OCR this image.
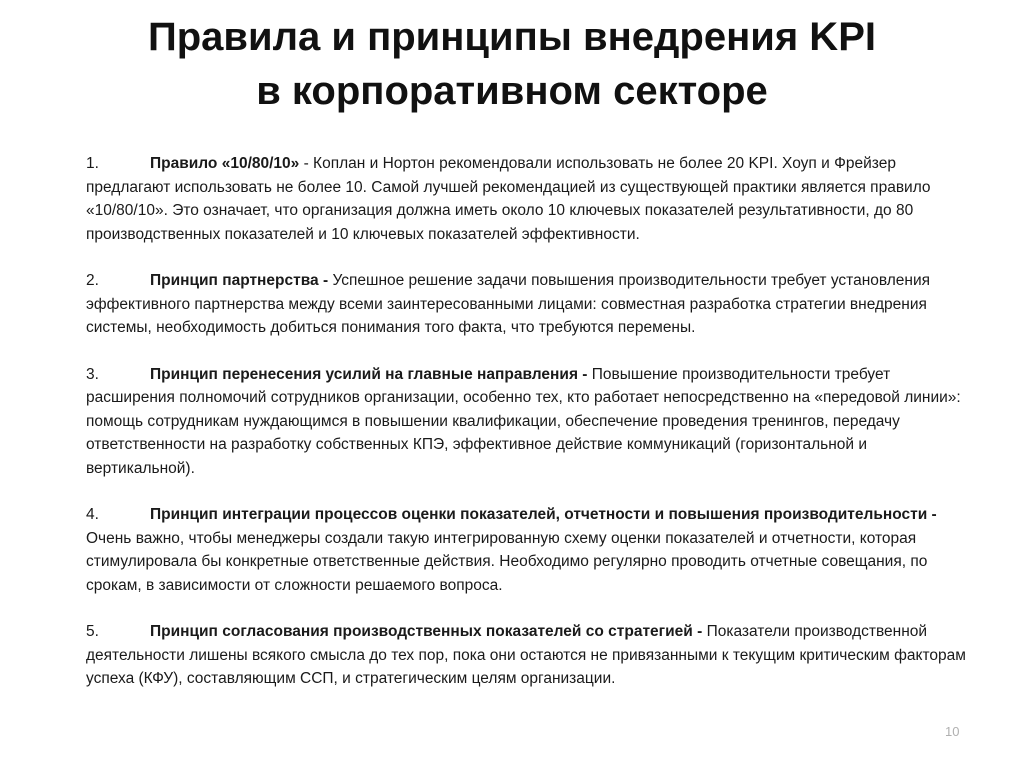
Правила и принципы внедрения KPI
в корпоративном секторе

1.	Правило «10/80/10» - Коплан и Нортон рекомендовали использовать не более 20 KPI. Хоуп и Фрейзер предлагают использовать не более 10. Самой лучшей рекомендацией из существующей практики является правило «10/80/10». Это означает, что организация должна иметь около 10 ключевых показателей результативности, до 80 производственных показателей и 10 ключевых показателей эффективности.

2.	Принцип партнерства - Успешное решение задачи повышения производительности требует установления эффективного партнерства между всеми заинтересованными лицами: совместная разработка стратегии внедрения системы, необходимость добиться понимания того факта, что требуются перемены.

3.	Принцип перенесения усилий на главные направления - Повышение производительности требует расширения полномочий сотрудников организации, особенно тех, кто работает непосредственно на «передовой линии»: помощь сотрудникам нуждающимся в повышении квалификации, обеспечение проведения тренингов, передачу ответственности на разработку собственных КПЭ, эффективное действие коммуникаций (горизонтальной и вертикальной).

4.	Принцип интеграции процессов оценки показателей, отчетности и повышения производительности - Очень важно, чтобы менеджеры создали такую интегрированную схему оценки показателей и отчетности, которая стимулировала бы конкретные ответственные действия. Необходимо регулярно проводить отчетные совещания, по срокам, в зависимости от сложности решаемого вопроса.

5.	Принцип согласования производственных показателей со стратегией - Показатели производственной деятельности лишены всякого смысла до тех пор, пока они остаются не привязанными к текущим критическим факторам успеха (КФУ), составляющим ССП, и стратегическим целям организации.

10
